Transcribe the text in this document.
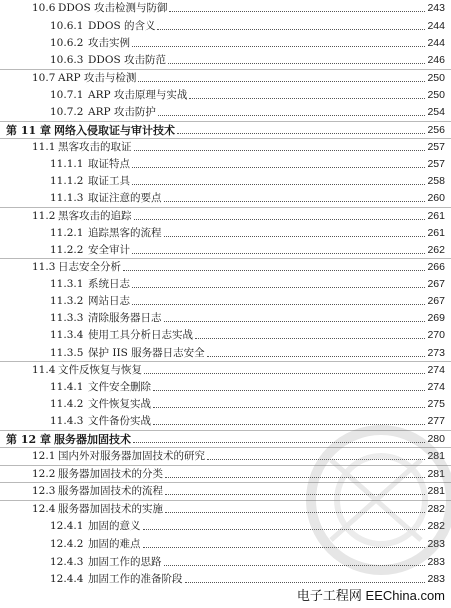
10.6 DDOS 攻击检测与防御	243
10.6.1 DDOS 的含义	244
10.6.2 攻击实例	244
10.6.3 DDOS 攻击防范	246
10.7 ARP 攻击与检测	250
10.7.1 ARP 攻击原理与实战	250
10.7.2 ARP 攻击防护	254
第 11 章 网络入侵取证与审计技术	256
11.1 黑客攻击的取证	257
11.1.1 取证特点	257
11.1.2 取证工具	258
11.1.3 取证注意的要点	260
11.2 黑客攻击的追踪	261
11.2.1 追踪黑客的流程	261
11.2.2 安全审计	262
11.3 日志安全分析	266
11.3.1 系统日志	267
11.3.2 网站日志	267
11.3.3 清除服务器日志	269
11.3.4 使用工具分析日志实战	270
11.3.5 保护 IIS 服务器日志安全	273
11.4 文件反恢复与恢复	274
11.4.1 文件安全删除	274
11.4.2 文件恢复实战	275
11.4.3 文件备份实战	277
第 12 章 服务器加固技术	280
12.1 国内外对服务器加固技术的研究	281
12.2 服务器加固技术的分类	281
12.3 服务器加固技术的流程	281
12.4 服务器加固技术的实施	282
12.4.1 加固的意义	282
12.4.2 加固的难点	283
12.4.3 加固工作的思路	283
12.4.4 加固工作的准备阶段	283
电子工程网 EEChina.com
